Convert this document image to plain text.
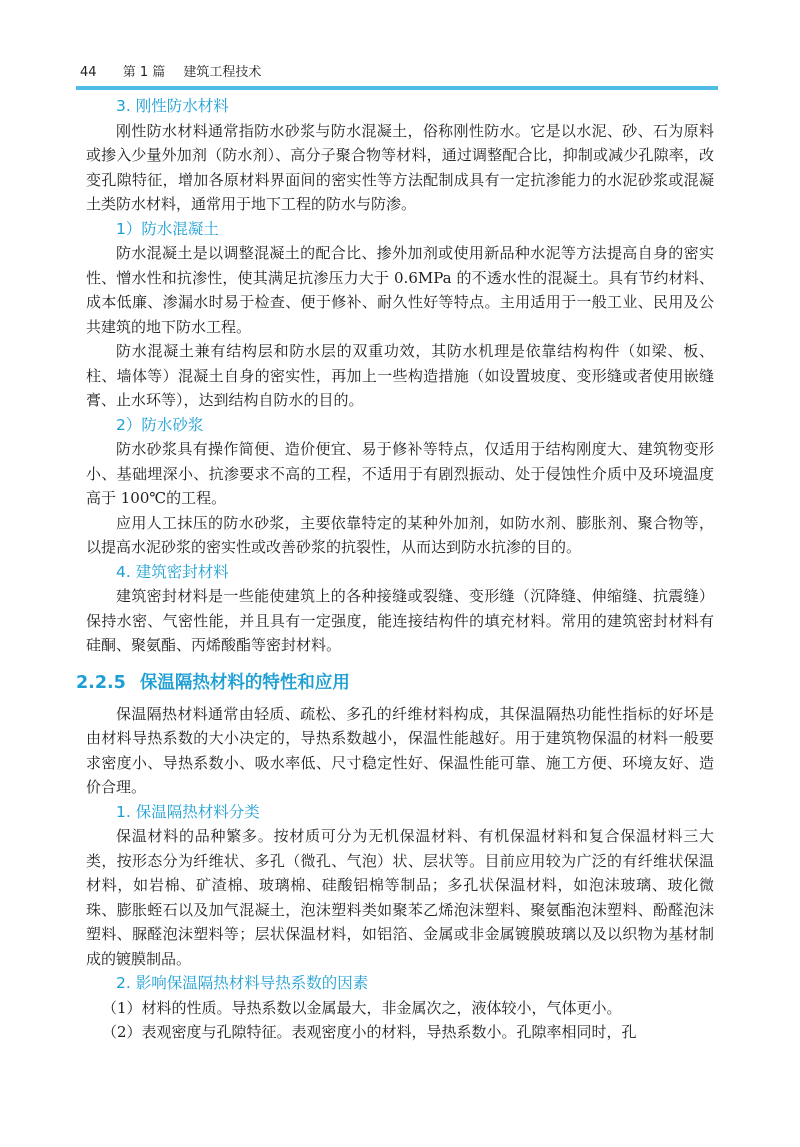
44 第 1 篇 建筑工程技术
3. 刚性防水材料

刚性防水材料通常指防水砂浆与防水混凝土，俗称刚性防水。它是以水泥、砂、石为原料或掺入少量外加剂（防水剂）、高分子聚合物等材料，通过调整配合比，抑制或减少孔隙率，改变孔隙特征，增加各原材料界面间的密实性等方法配制成具有一定抗渗能力的水泥砂浆或混凝土类防水材料，通常用于地下工程的防水与防渗。

1）防水混凝土

防水混凝土是以调整混凝土的配合比、掺外加剂或使用新品种水泥等方法提高自身的密实性、憎水性和抗渗性，使其满足抗渗压力大于 0.6MPa 的不透水性的混凝土。具有节约材料、成本低廉、渗漏水时易于检查、便于修补、耐久性好等特点。主用适用于一般工业、民用及公共建筑的地下防水工程。

防水混凝土兼有结构层和防水层的双重功效，其防水机理是依靠结构构件（如梁、板、柱、墙体等）混凝土自身的密实性，再加上一些构造措施（如设置坡度、变形缝或者使用嵌缝膏、止水环等），达到结构自防水的目的。

2）防水砂浆

防水砂浆具有操作简便、造价便宜、易于修补等特点，仅适用于结构刚度大、建筑物变形小、基础埋深小、抗渗要求不高的工程，不适用于有剧烈振动、处于侵蚀性介质中及环境温度高于 100℃的工程。

应用人工抹压的防水砂浆，主要依靠特定的某种外加剂，如防水剂、膨胀剂、聚合物等，以提高水泥砂浆的密实性或改善砂浆的抗裂性，从而达到防水抗渗的目的。

4. 建筑密封材料

建筑密封材料是一些能使建筑上的各种接缝或裂缝、变形缝（沉降缝、伸缩缝、抗震缝）保持水密、气密性能，并且具有一定强度，能连接结构件的填充材料。常用的建筑密封材料有硅酮、聚氨酯、丙烯酸酯等密封材料。

2.2.5 保温隔热材料的特性和应用

保温隔热材料通常由轻质、疏松、多孔的纤维材料构成，其保温隔热功能性指标的好坏是由材料导热系数的大小决定的，导热系数越小，保温性能越好。用于建筑物保温的材料一般要求密度小、导热系数小、吸水率低、尺寸稳定性好、保温性能可靠、施工方便、环境友好、造价合理。

1. 保温隔热材料分类

保温材料的品种繁多。按材质可分为无机保温材料、有机保温材料和复合保温材料三大类，按形态分为纤维状、多孔（微孔、气泡）状、层状等。目前应用较为广泛的有纤维状保温材料，如岩棉、矿渣棉、玻璃棉、硅酸铝棉等制品；多孔状保温材料，如泡沫玻璃、玻化微珠、膨胀蛭石以及加气混凝土，泡沫塑料类如聚苯乙烯泡沫塑料、聚氨酯泡沫塑料、酚醛泡沫塑料、脲醛泡沫塑料等；层状保温材料，如铝箔、金属或非金属镀膜玻璃以及以织物为基材制成的镀膜制品。

2. 影响保温隔热材料导热系数的因素

（1）材料的性质。导热系数以金属最大，非金属次之，液体较小，气体更小。

（2）表观密度与孔隙特征。表观密度小的材料，导热系数小。孔隙率相同时，孔
